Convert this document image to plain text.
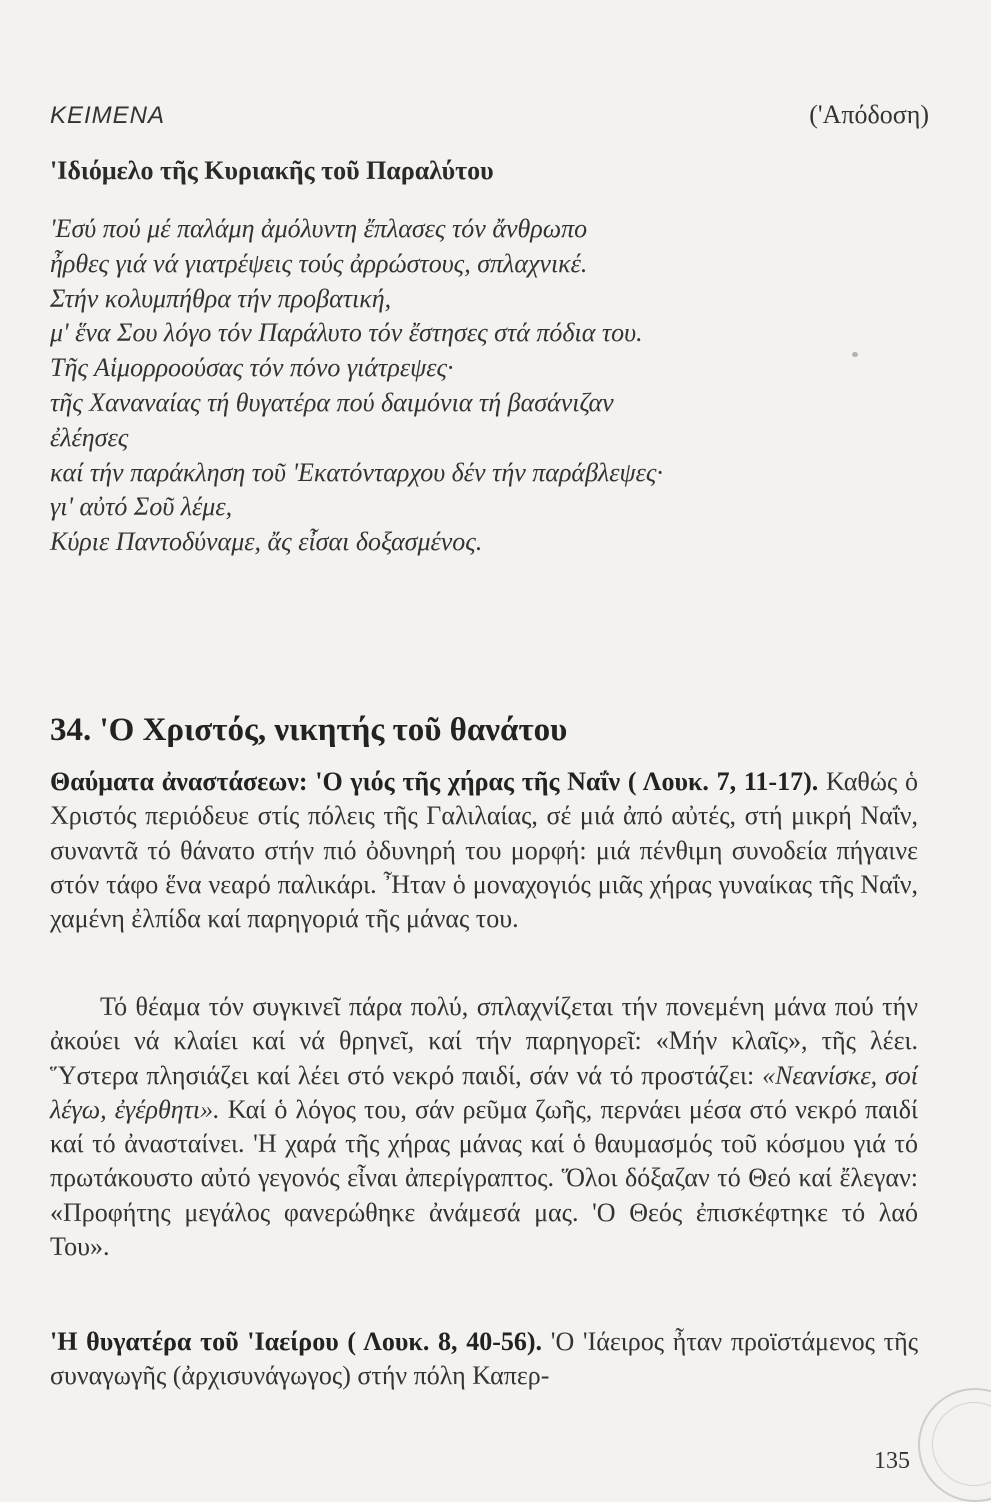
ΚΕΙΜΕΝΑ	('Απόδοση)
'Ιδιόμελο τῆς Κυριακῆς τοῦ Παραλύτου
'Εσύ πού μέ παλάμη ἀμόλυντη ἔπλασες τόν ἄνθρωπο
ἦρθες γιά νά γιατρέψεις τούς ἀρρώστους, σπλαχνικέ.
Στήν κολυμπήθρα τήν προβατική,
μ' ἕνα Σου λόγο τόν Παράλυτο τόν ἔστησες στά πόδια του.
Τῆς Αἱμορροούσας τόν πόνο γιάτρεψες·
τῆς Χαναναίας τή θυγατέρα πού δαιμόνια τή βασάνιζαν
ἐλέησες
καί τήν παράκληση τοῦ 'Εκατόνταρχου δέν τήν παράβλεψες·
γι' αὐτό Σοῦ λέμε,
Κύριε Παντοδύναμε, ἄς εἶσαι δοξασμένος.
34. 'Ο Χριστός, νικητής τοῦ θανάτου
Θαύματα ἀναστάσεων: 'Ο γιός τῆς χήρας τῆς Ναΐν ( Λουκ. 7, 11-17). Καθώς ὁ Χριστός περιόδευε στίς πόλεις τῆς Γαλιλαίας, σέ μιά ἀπό αὐτές, στή μικρή Ναΐν, συναντᾶ τό θάνατο στήν πιό ὀδυνηρή του μορφή: μιά πένθιμη συνοδεία πήγαινε στόν τάφο ἕνα νεαρό παλικάρι. Ἦταν ὁ μοναχογιός μιᾶς χήρας γυναίκας τῆς Ναΐν, χαμένη ἐλπίδα καί παρηγοριά τῆς μάνας του.
Τό θέαμα τόν συγκινεῖ πάρα πολύ, σπλαχνίζεται τήν πονεμένη μάνα πού τήν ἀκούει νά κλαίει καί νά θρηνεῖ, καί τήν παρηγορεῖ: «Μήν κλαῖς», τῆς λέει. Ὕστερα πλησιάζει καί λέει στό νεκρό παιδί, σάν νά τό προστάζει: «Νεανίσκε, σοί λέγω, ἐγέρθητι». Καί ὁ λόγος του, σάν ρεῦμα ζωῆς, περνάει μέσα στό νεκρό παιδί καί τό ἀνασταίνει. 'Η χαρά τῆς χήρας μάνας καί ὁ θαυμασμός τοῦ κόσμου γιά τό πρωτάκουστο αὐτό γεγονός εἶναι ἀπερίγραπτος. Ὅλοι δόξαζαν τό Θεό καί ἔλεγαν: «Προφήτης μεγάλος φανερώθηκε ἀνάμεσά μας. 'Ο Θεός ἐπισκέφτηκε τό λαό Του».
'Η θυγατέρα τοῦ 'Ιαείρου ( Λουκ. 8, 40-56). 'Ο 'Ιάειρος ἦταν προϊστάμενος τῆς συναγωγῆς (ἀρχισυνάγωγος) στήν πόλη Καπερ-
135
